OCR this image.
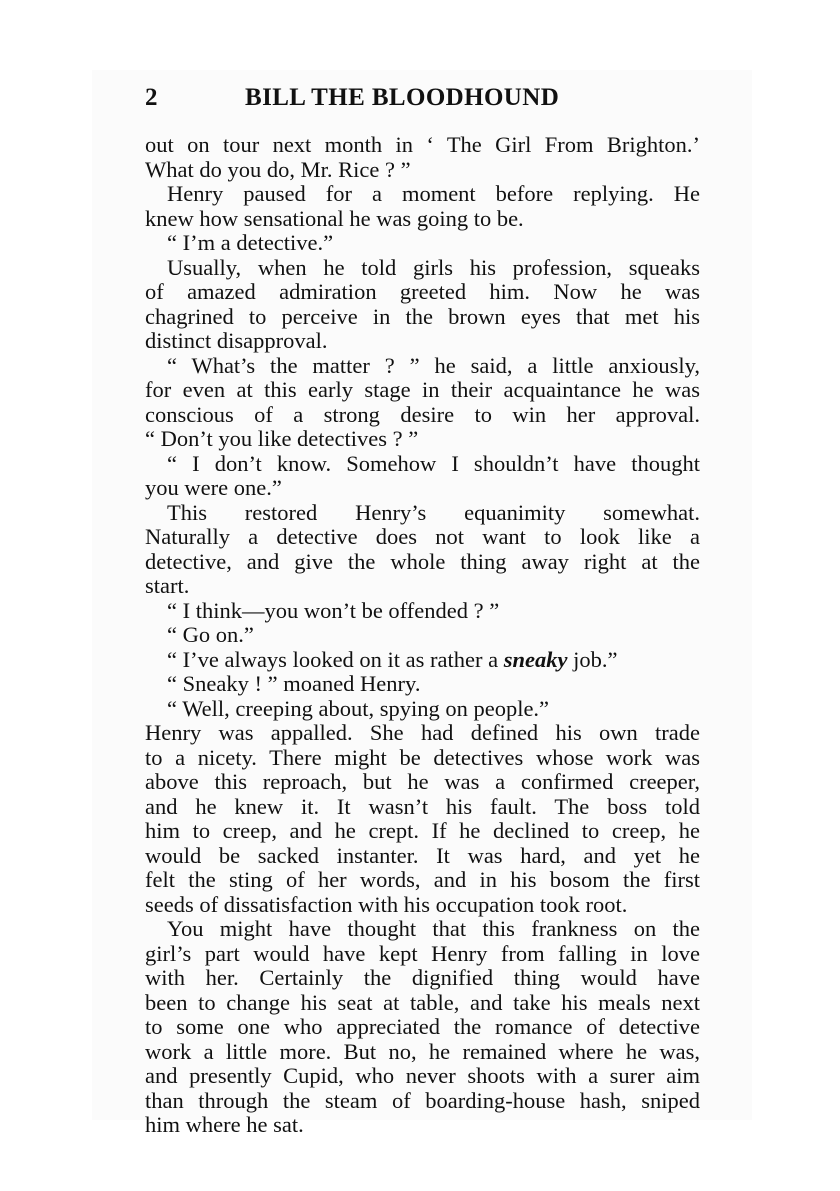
2	BILL THE BLOODHOUND
out on tour next month in ‘ The Girl From Brighton.’
What do you do, Mr. Rice ? ”
Henry paused for a moment before replying. He
knew how sensational he was going to be.
“ I’m a detective.”
Usually, when he told girls his profession, squeaks
of amazed admiration greeted him. Now he was
chagrined to perceive in the brown eyes that met his
distinct disapproval.
“ What’s the matter ? ” he said, a little anxiously,
for even at this early stage in their acquaintance he was
conscious of a strong desire to win her approval.
“ Don’t you like detectives ? ”
“ I don’t know. Somehow I shouldn’t have thought
you were one.”
This restored Henry’s equanimity somewhat.
Naturally a detective does not want to look like a
detective, and give the whole thing away right at the
start.
“ I think—you won’t be offended ? ”
“ Go on.”
“ I’ve always looked on it as rather a sneaky job.”
“ Sneaky ! ” moaned Henry.
“ Well, creeping about, spying on people.”
Henry was appalled. She had defined his own trade
to a nicety. There might be detectives whose work was
above this reproach, but he was a confirmed creeper,
and he knew it. It wasn’t his fault. The boss told
him to creep, and he crept. If he declined to creep, he
would be sacked instanter. It was hard, and yet he
felt the sting of her words, and in his bosom the first
seeds of dissatisfaction with his occupation took root.
You might have thought that this frankness on the
girl’s part would have kept Henry from falling in love
with her. Certainly the dignified thing would have
been to change his seat at table, and take his meals next
to some one who appreciated the romance of detective
work a little more. But no, he remained where he was,
and presently Cupid, who never shoots with a surer aim
than through the steam of boarding-house hash, sniped
him where he sat.
